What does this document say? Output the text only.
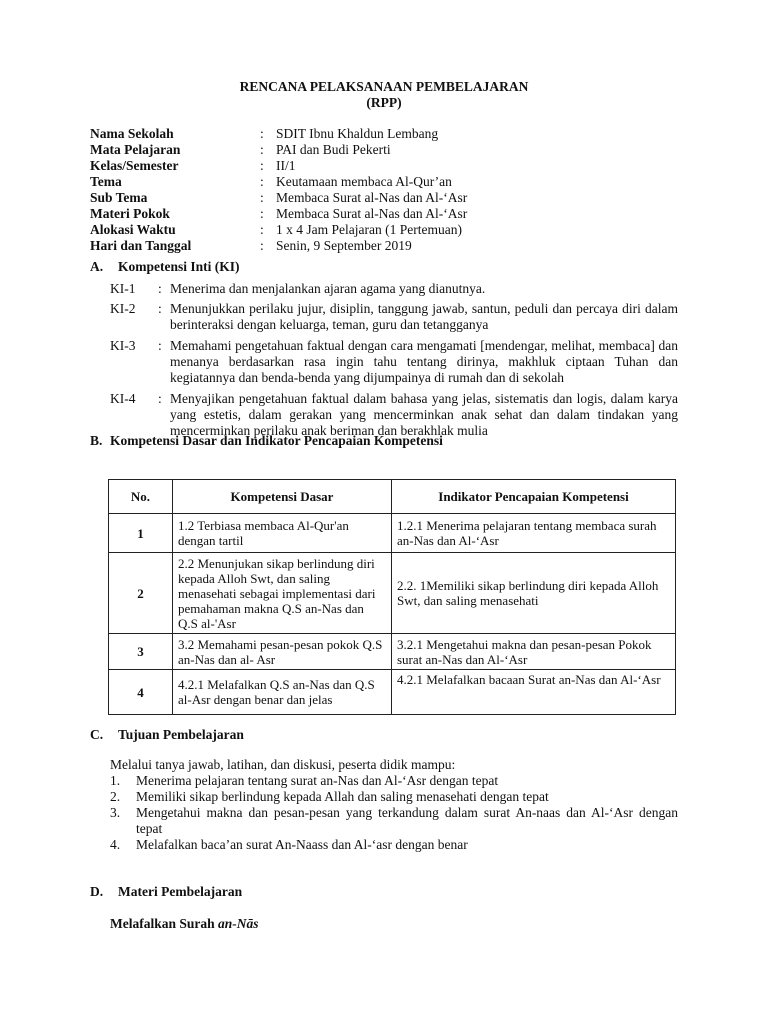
RENCANA PELAKSANAAN PEMBELAJARAN
(RPP)
Nama Sekolah	: SDIT Ibnu Khaldun Lembang
Mata Pelajaran	: PAI dan Budi Pekerti
Kelas/Semester	: II/1
Tema	: Keutamaan membaca Al-Qur’an
Sub Tema	: Membaca Surat al-Nas dan Al-‘Asr
Materi Pokok	: Membaca Surat al-Nas dan Al-‘Asr
Alokasi Waktu	: 1 x 4 Jam Pelajaran (1 Pertemuan)
Hari dan Tanggal	: Senin, 9 September 2019
A. Kompetensi Inti (KI)
KI-1 : Menerima dan menjalankan ajaran agama yang dianutnya.
KI-2 : Menunjukkan perilaku jujur, disiplin, tanggung jawab, santun, peduli dan percaya diri dalam berinteraksi dengan keluarga, teman, guru dan tetangganya
KI-3 : Memahami pengetahuan faktual dengan cara mengamati [mendengar, melihat, membaca] dan menanya berdasarkan rasa ingin tahu tentang dirinya, makhluk ciptaan Tuhan dan kegiatannya dan benda-benda yang dijumpainya di rumah dan di sekolah
KI-4 : Menyajikan pengetahuan faktual dalam bahasa yang jelas, sistematis dan logis, dalam karya yang estetis, dalam gerakan yang mencerminkan anak sehat dan dalam tindakan yang mencerminkan perilaku anak beriman dan berakhlak mulia
B. Kompetensi Dasar dan Indikator Pencapaian Kompetensi
No.	Kompetensi Dasar	Indikator Pencapaian Kompetensi
1	1.2 Terbiasa membaca Al-Qur'an dengan tartil	1.2.1 Menerima pelajaran tentang membaca surah an-Nas dan Al-‘Asr
2	2.2 Menunjukan sikap berlindung diri kepada Alloh Swt, dan saling menasehati sebagai implementasi dari pemahaman makna Q.S an-Nas dan Q.S al-'Asr	2.2. 1Memiliki sikap berlindung diri kepada Alloh Swt, dan saling menasehati
3	3.2 Memahami pesan-pesan pokok Q.S an-Nas dan al- Asr	3.2.1 Mengetahui makna dan pesan-pesan Pokok surat an-Nas dan Al-‘Asr
4	4.2.1 Melafalkan Q.S an-Nas dan Q.S al-Asr dengan benar dan jelas	4.2.1 Melafalkan bacaan Surat an-Nas dan Al-‘Asr
C. Tujuan Pembelajaran
Melalui tanya jawab, latihan, dan diskusi, peserta didik mampu:
1. Menerima pelajaran tentang surat an-Nas dan Al-‘Asr dengan tepat
2. Memiliki sikap berlindung kepada Allah dan saling menasehati dengan tepat
3. Mengetahui makna dan pesan-pesan yang terkandung dalam surat An-naas dan Al-‘Asr dengan tepat
4. Melafalkan baca’an surat An-Naass dan Al-‘asr dengan benar
D. Materi Pembelajaran
Melafalkan Surah an-Nās
